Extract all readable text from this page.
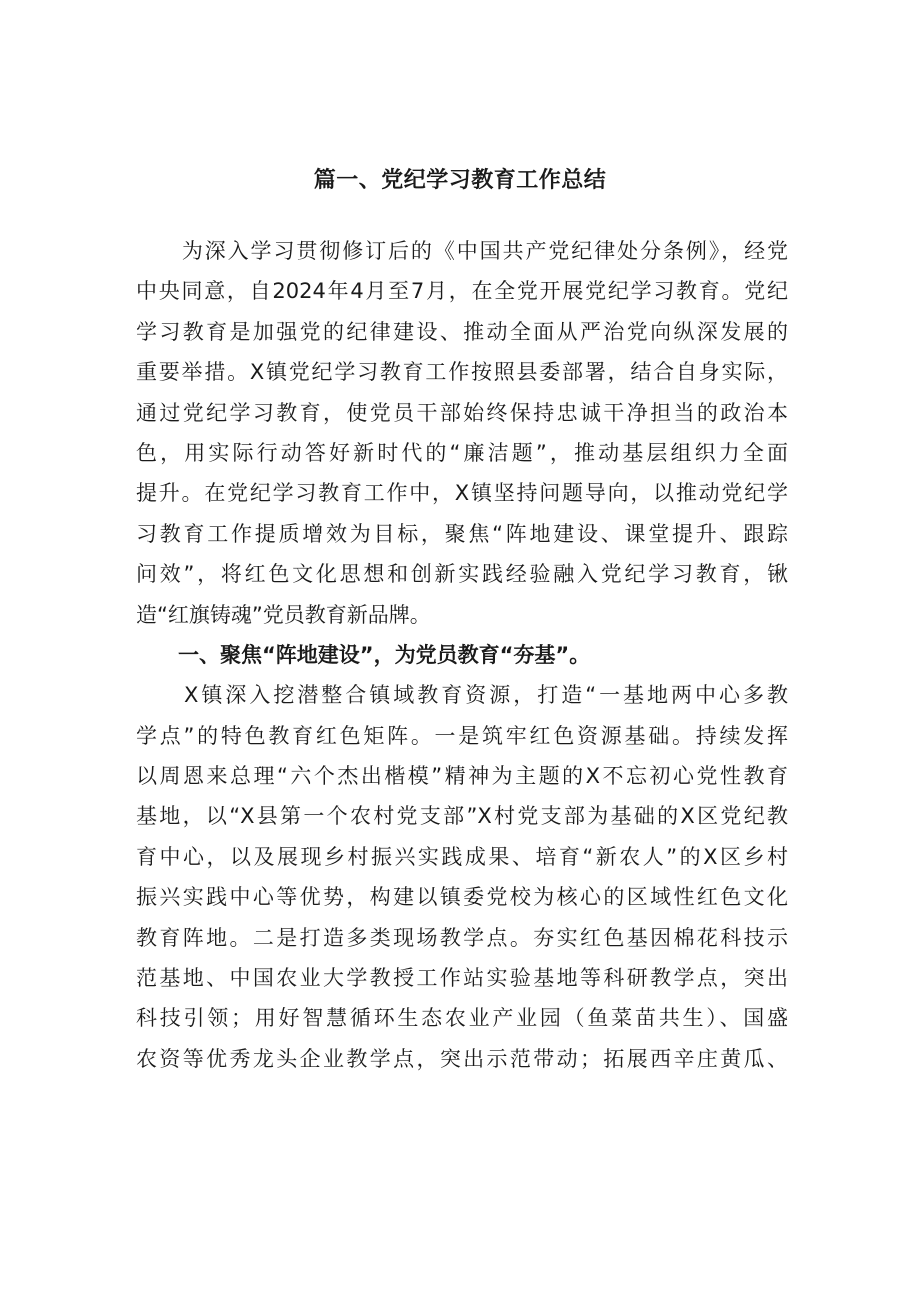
篇一、党纪学习教育工作总结
　　为深入学习贯彻修订后的《中国共产党纪律处分条例》，经党
中央同意，自2024年4月至7月，在全党开展党纪学习教育。党纪
学习教育是加强党的纪律建设、推动全面从严治党向纵深发展的
重要举措。X镇党纪学习教育工作按照县委部署，结合自身实际，
通过党纪学习教育，使党员干部始终保持忠诚干净担当的政治本
色，用实际行动答好新时代的“廉洁题”，推动基层组织力全面
提升。在党纪学习教育工作中，X镇坚持问题导向，以推动党纪学
习教育工作提质增效为目标，聚焦“阵地建设、课堂提升、跟踪
问效”，将红色文化思想和创新实践经验融入党纪学习教育，锹
造“红旗铸魂”党员教育新品牌。
　　一、聚焦“阵地建设”，为党员教育“夯基”。
　　X镇深入挖潜整合镇域教育资源，打造“一基地两中心多教
学点”的特色教育红色矩阵。一是筑牢红色资源基础。持续发挥
以周恩来总理“六个杰出楷模”精神为主题的X不忘初心党性教育
基地，以“X县第一个农村党支部”X村党支部为基础的X区党纪教
育中心，以及展现乡村振兴实践成果、培育“新农人”的X区乡村
振兴实践中心等优势，构建以镇委党校为核心的区域性红色文化
教育阵地。二是打造多类现场教学点。夯实红色基因棉花科技示
范基地、中国农业大学教授工作站实验基地等科研教学点，突出
科技引领；用好智慧循环生态农业产业园（鱼菜苗共生）、国盛
农资等优秀龙头企业教学点，突出示范带动；拓展西辛庄黄瓜、
